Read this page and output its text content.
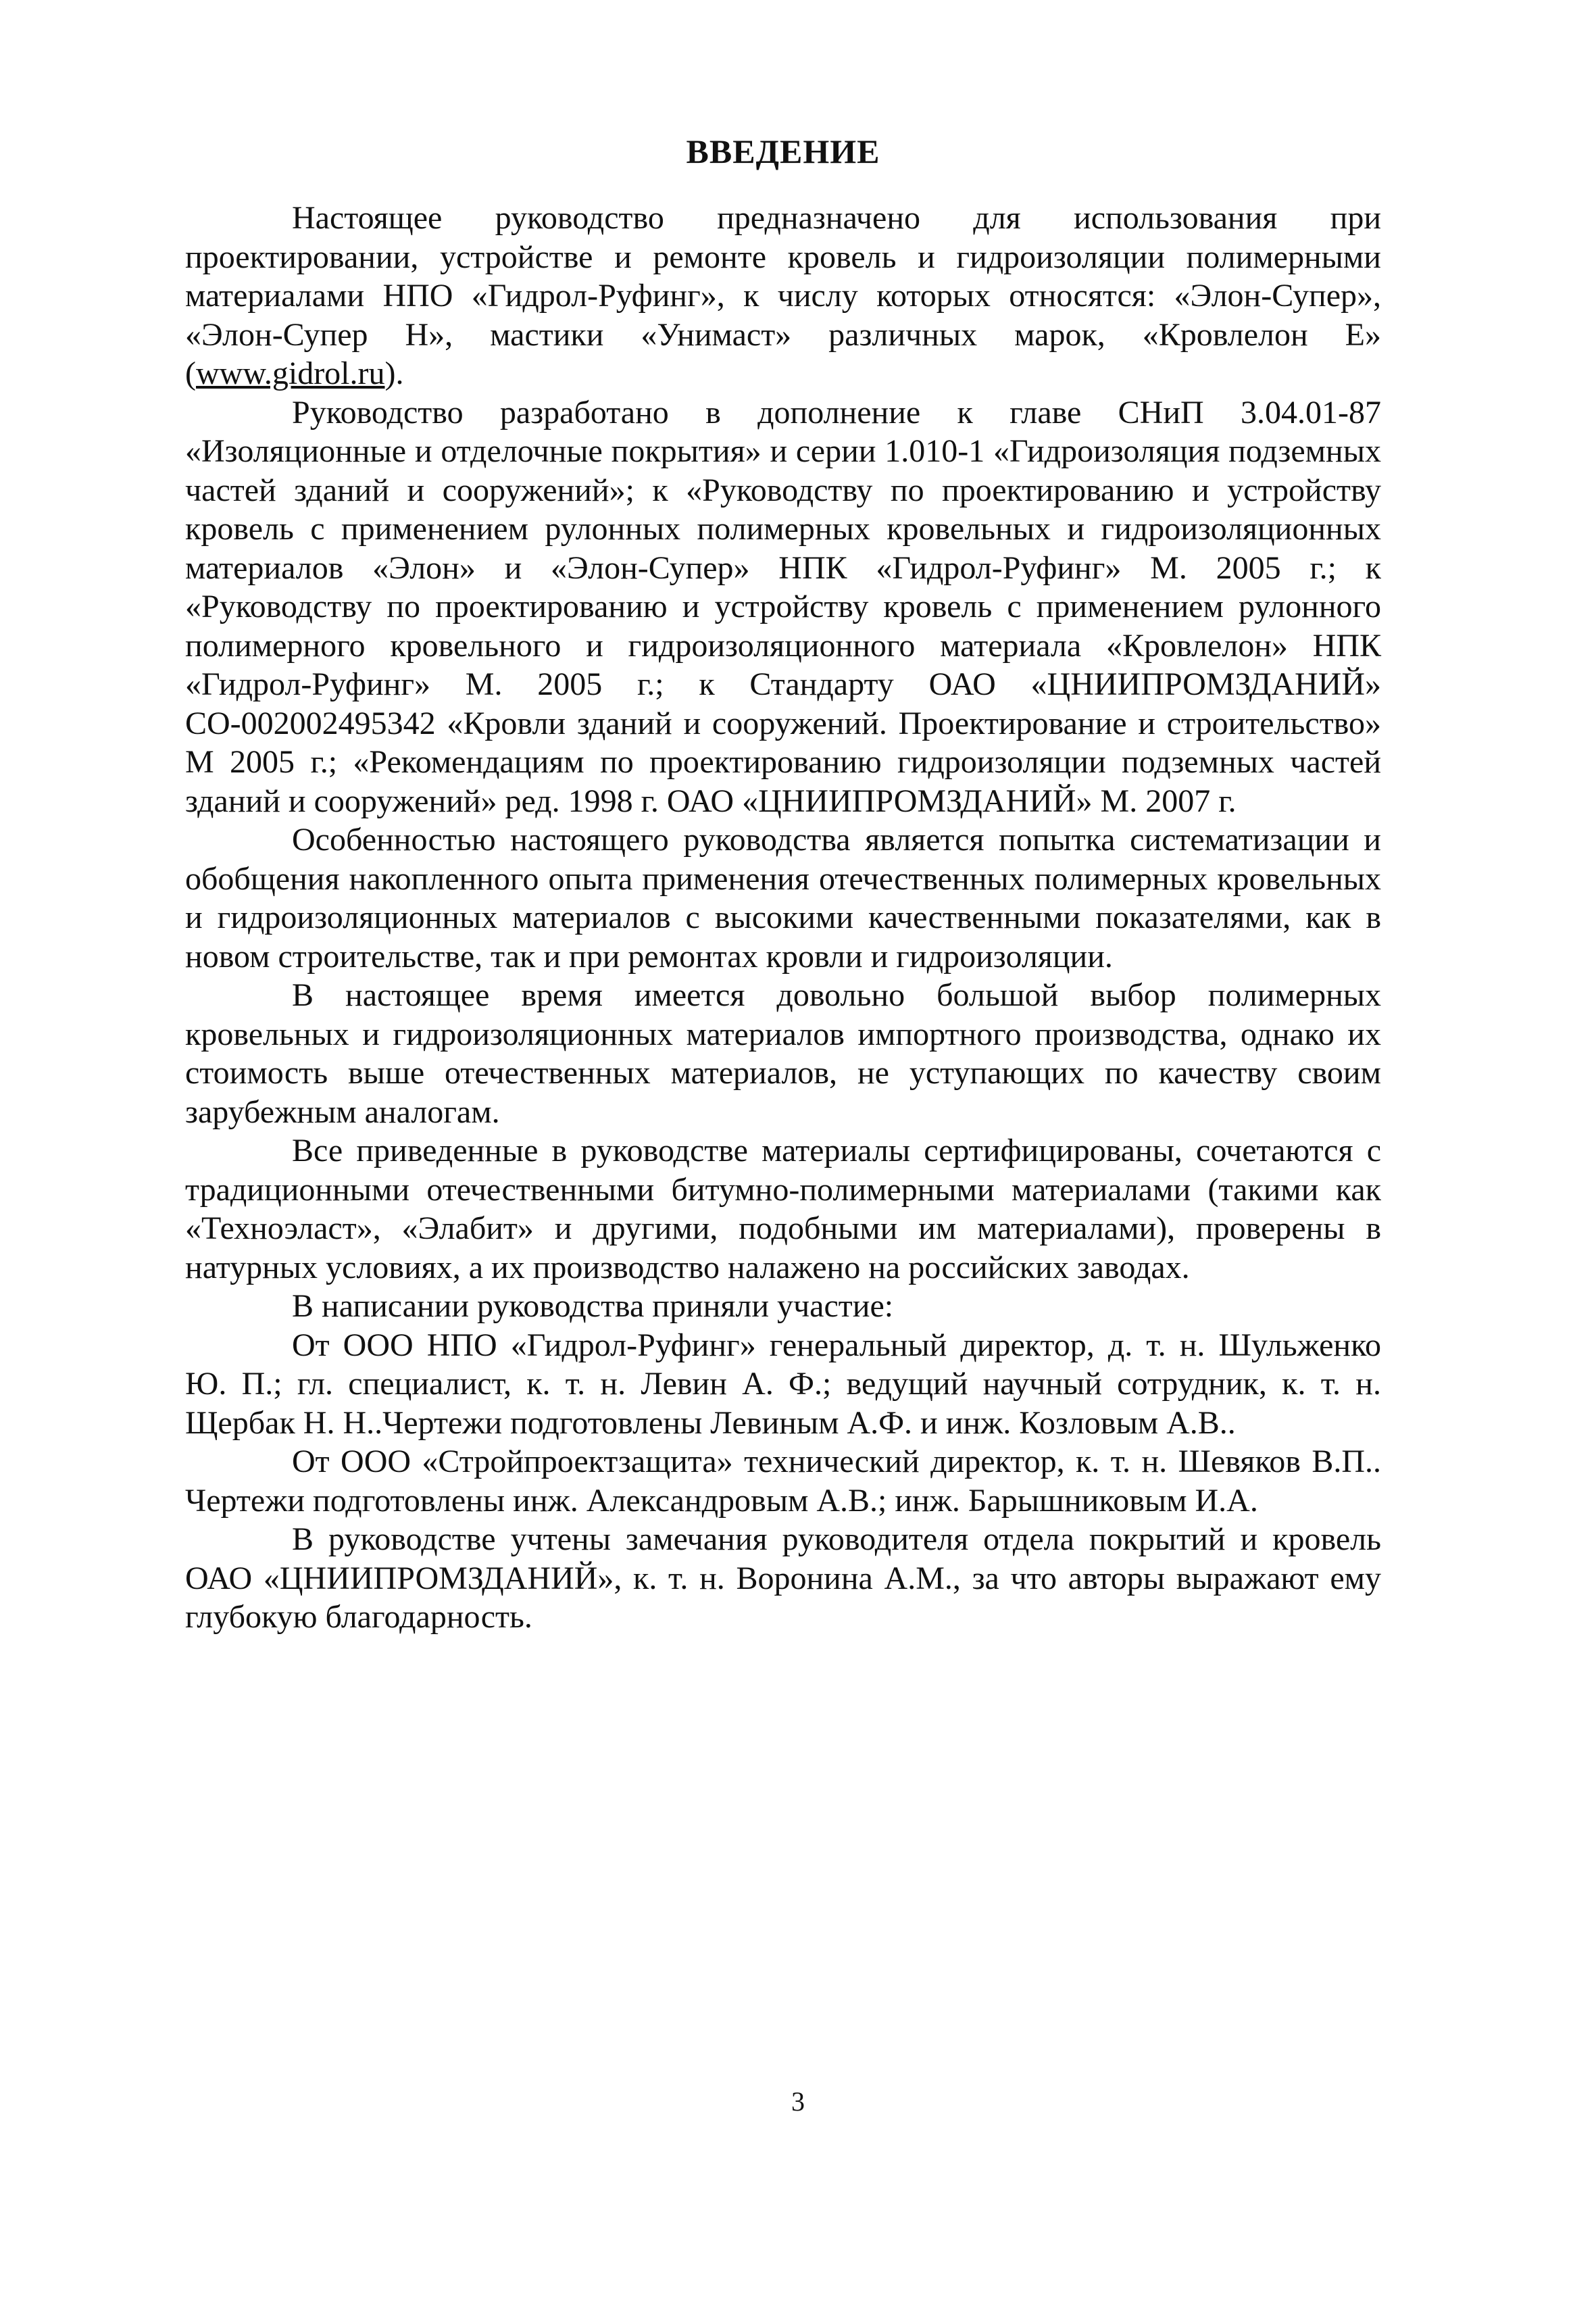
ВВЕДЕНИЕ

Настоящее руководство предназначено для использования при проектировании, устройстве и ремонте кровель и гидроизоляции полимерными материалами НПО «Гидрол-Руфинг», к числу которых относятся: «Элон-Супер», «Элон-Супер Н», мастики «Унимаст» различных марок, «Кровлелон Е» (www.gidrol.ru).

Руководство разработано в дополнение к главе СНиП 3.04.01-87 «Изоляционные и отделочные покрытия» и серии 1.010-1 «Гидроизоляция подземных частей зданий и сооружений»; к «Руководству по проектированию и устройству кровель с применением рулонных полимерных кровельных и гидроизоляционных материалов «Элон» и «Элон-Супер» НПК «Гидрол-Руфинг» М. 2005 г.; к «Руководству по проектированию и устройству кровель с применением рулонного полимерного кровельного и гидроизоляционного материала «Кровлелон» НПК «Гидрол-Руфинг» М. 2005 г.; к Стандарту ОАО «ЦНИИПРОМЗДАНИЙ» СО-002002495342 «Кровли зданий и сооружений. Проектирование и строительство» М 2005 г.; «Рекомендациям по проектированию гидроизоляции подземных частей зданий и сооружений» ред. 1998 г. ОАО «ЦНИИПРОМЗДАНИЙ» М. 2007 г.

Особенностью настоящего руководства является попытка систематизации и обобщения накопленного опыта применения отечественных полимерных кровельных и гидроизоляционных материалов с высокими качественными показателями, как в новом строительстве, так и при ремонтах кровли и гидроизоляции.

В настоящее время имеется довольно большой выбор полимерных кровельных и гидроизоляционных материалов импортного производства, однако их стоимость выше отечественных материалов, не уступающих по качеству своим зарубежным аналогам.

Все приведенные в руководстве материалы сертифицированы, сочетаются с традиционными отечественными битумно-полимерными материалами (такими как «Техноэласт», «Элабит» и другими, подобными им материалами), проверены в натурных условиях, а их производство налажено на российских заводах.

В написании руководства приняли участие:

От ООО НПО «Гидрол-Руфинг» генеральный директор, д. т. н. Шульженко Ю. П.; гл. специалист, к. т. н. Левин А. Ф.; ведущий научный сотрудник, к. т. н. Щербак Н. Н..Чертежи подготовлены Левиным А.Ф. и инж. Козловым А.В..

От ООО «Стройпроектзащита» технический директор, к. т. н. Шевяков В.П.. Чертежи подготовлены инж. Александровым А.В.; инж. Барышниковым И.А.

В руководстве учтены замечания руководителя отдела покрытий и кровель ОАО «ЦНИИПРОМЗДАНИЙ», к. т. н. Воронина А.М., за что авторы выражают ему глубокую благодарность.

3
